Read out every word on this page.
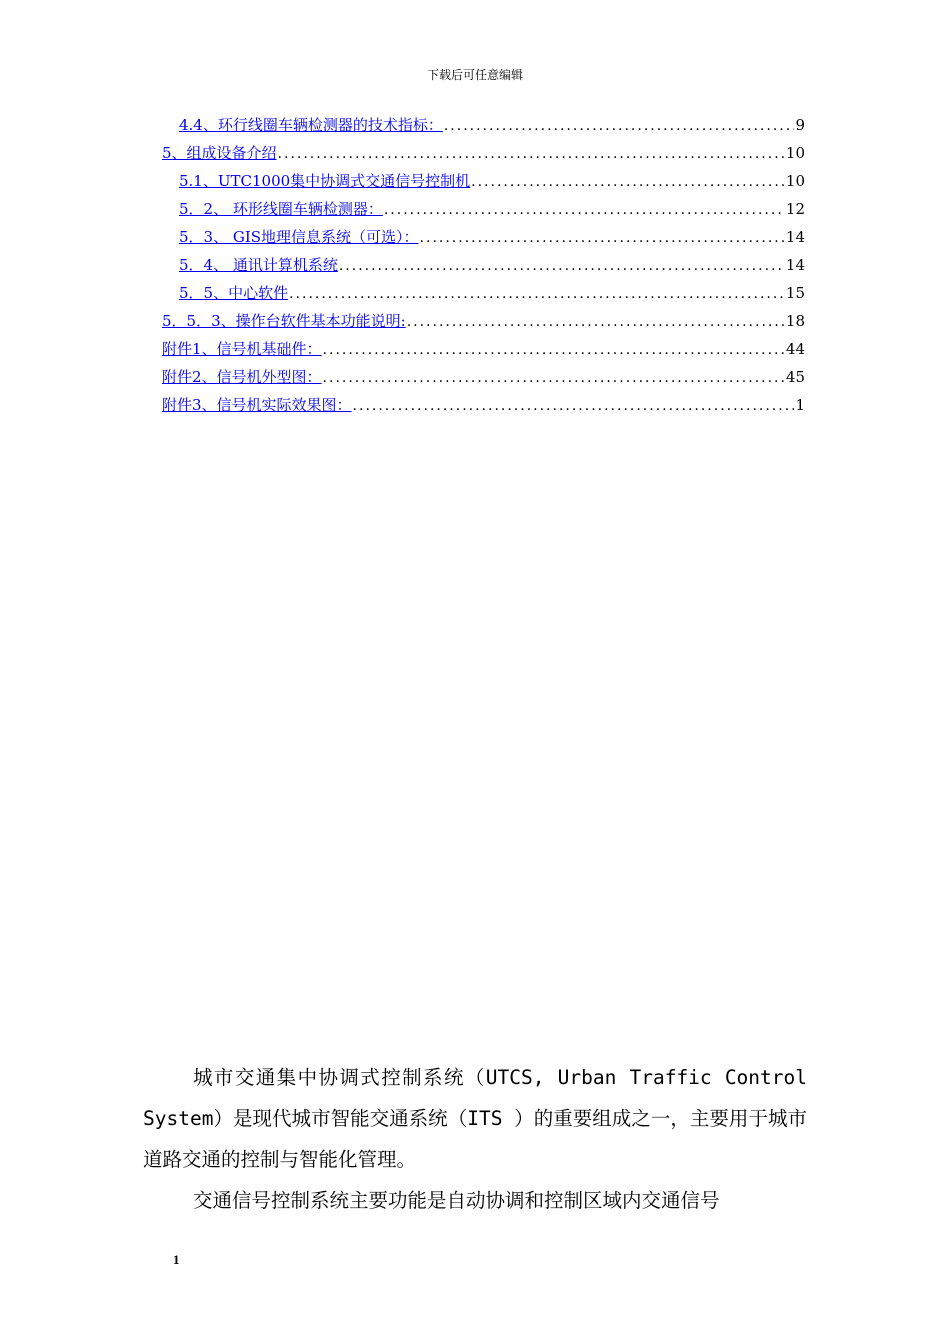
下载后可任意编辑
4.4、环行线圈车辆检测器的技术指标： .....	9
5、组成设备介绍 .....	10
5.1、UTC1000集中协调式交通信号控制机 .....	10
5．2、 环形线圈车辆检测器： .....	12
5．3、 GIS地理信息系统（可选）： .....	14
5．4、 通讯计算机系统 .....	14
5．5、中心软件 .....	15
5．5．3、操作台软件基本功能说明: .....	18
附件1、信号机基础件： .....	44
附件2、信号机外型图： .....	45
附件3、信号机实际效果图： .....	1

城市交通集中协调式控制系统（UTCS, Urban Traffic Control System）是现代城市智能交通系统（ITS ）的重要组成之一，主要用于城市道路交通的控制与智能化管理。

交通信号控制系统主要功能是自动协调和控制区域内交通信号

1
